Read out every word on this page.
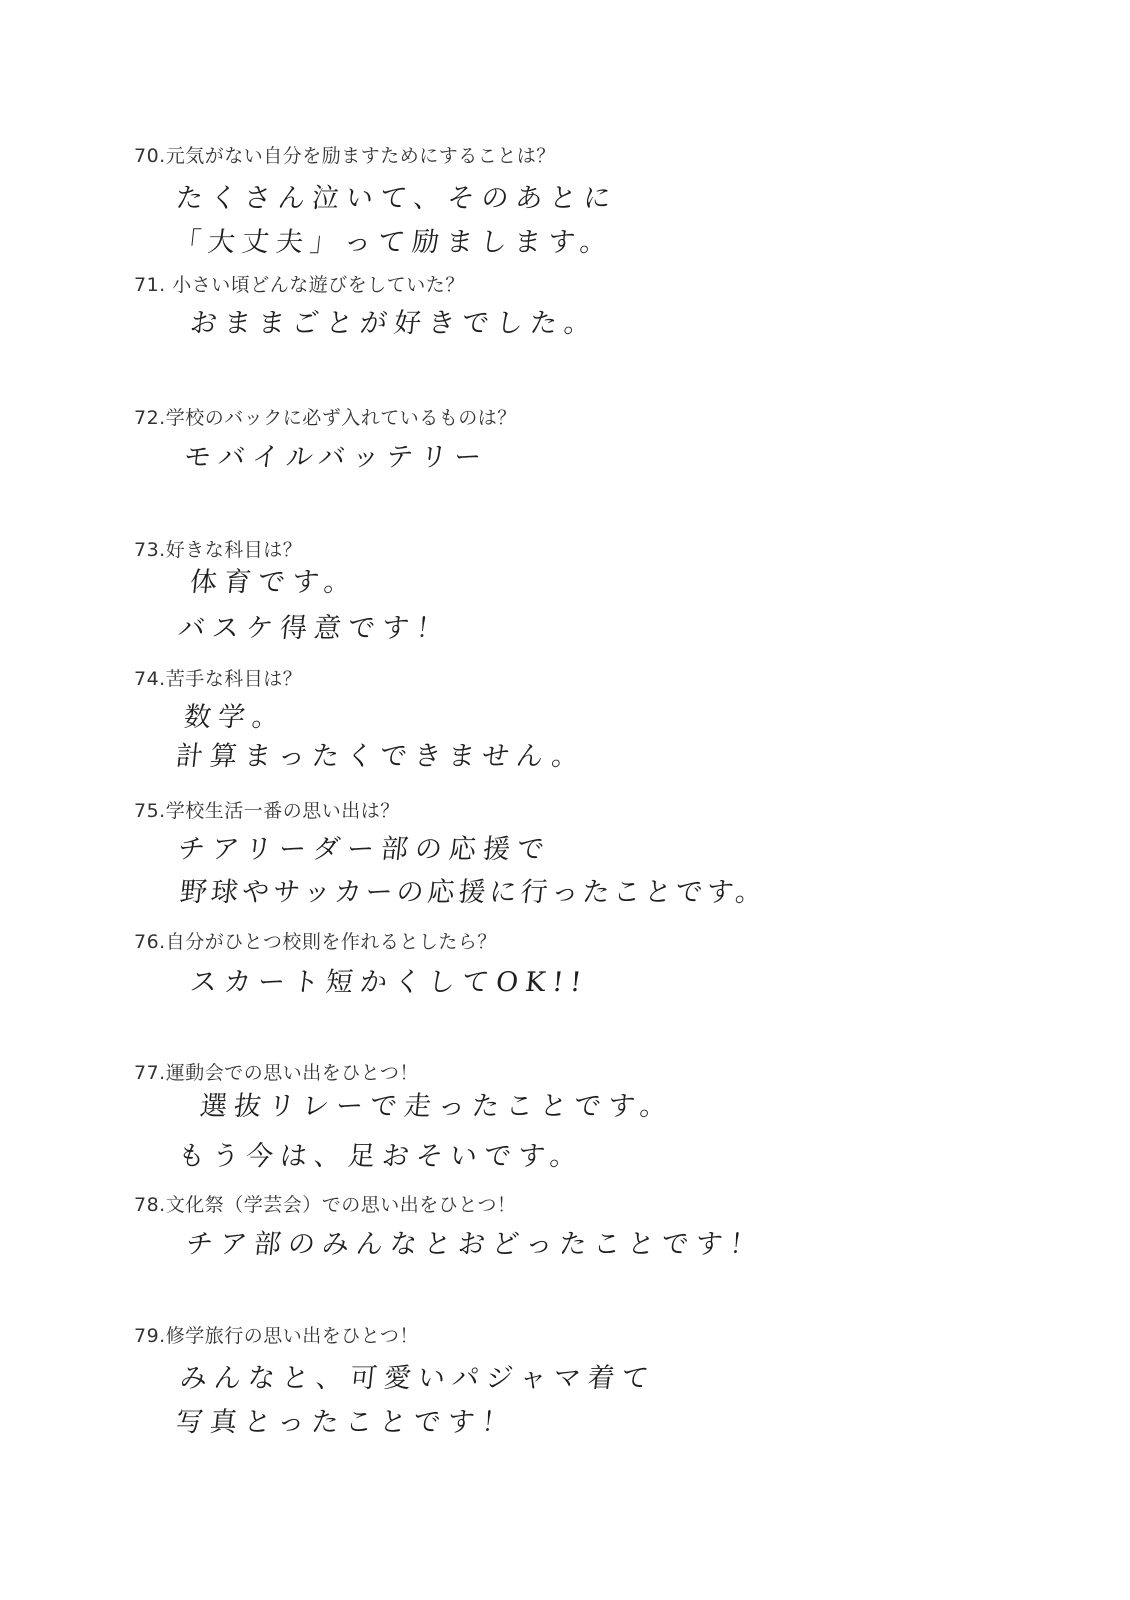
70.元気がない自分を励ますためにすることは？
たくさん泣いて、そのあとに
「大丈夫」って励まします。
71. 小さい頃どんな遊びをしていた？
おままごとが好きでした。
72.学校のバックに必ず入れているものは？
モバイルバッテリー
73.好きな科目は？
体育です。
バスケ得意です！
74.苦手な科目は？
数学。
計算まったくできません。
75.学校生活一番の思い出は？
チアリーダー部の応援で
野球やサッカーの応援に行ったことです。
76.自分がひとつ校則を作れるとしたら？
スカート短かくしてOK!!
77.運動会での思い出をひとつ！
選抜リレーで走ったことです。
もう今は、足おそいです。
78.文化祭（学芸会）での思い出をひとつ！
チア部のみんなとおどったことです！
79.修学旅行の思い出をひとつ！
みんなと、可愛いパジャマ着て
写真とったことです！
